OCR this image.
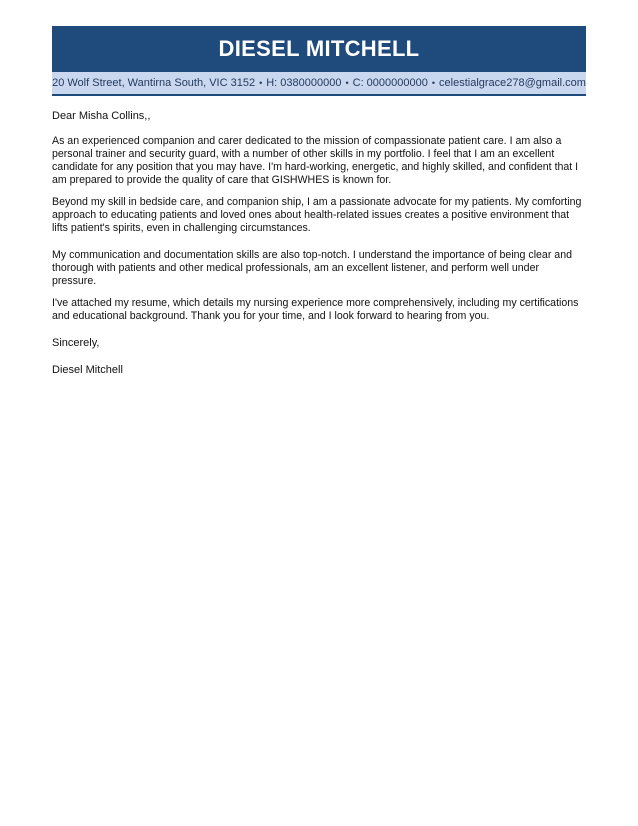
DIESEL MITCHELL
20 Wolf Street, Wantirna South, VIC 3152 • H: 0380000000 • C: 0000000000 • celestialgrace278@gmail.com

Dear Misha Collins,,

As an experienced companion and carer dedicated to the mission of compassionate patient care. I am also a personal trainer and security guard, with a number of other skills in my portfolio. I feel that I am an excellent candidate for any position that you may have. I'm hard-working, energetic, and highly skilled, and confident that I am prepared to provide the quality of care that GISHWHES is known for.

Beyond my skill in bedside care, and companion ship, I am a passionate advocate for my patients. My comforting approach to educating patients and loved ones about health-related issues creates a positive environment that lifts patient's spirits, even in challenging circumstances.

My communication and documentation skills are also top-notch. I understand the importance of being clear and thorough with patients and other medical professionals, am an excellent listener, and perform well under pressure.

I've attached my resume, which details my nursing experience more comprehensively, including my certifications and educational background. Thank you for your time, and I look forward to hearing from you.

Sincerely,

Diesel Mitchell
